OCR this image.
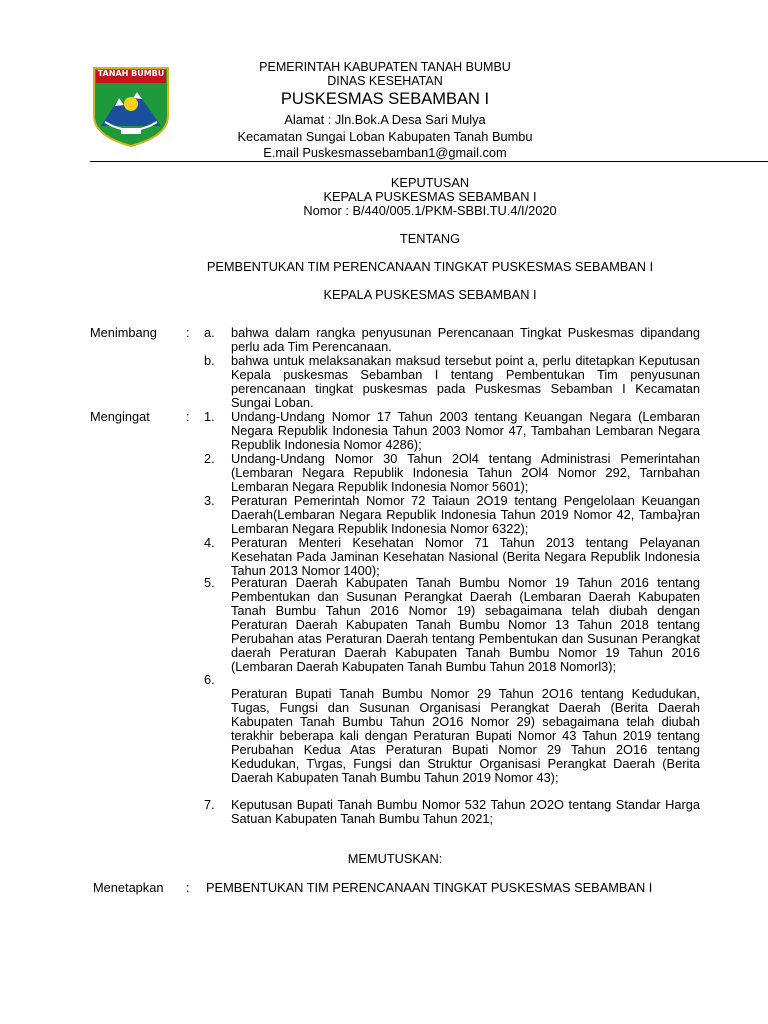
TANAH BUMBU	PEMERINTAH KABUPATEN TANAH BUMBU
DINAS KESEHATAN
PUSKESMAS SEBAMBAN I
Alamat : Jln.Bok.A Desa Sari Mulya
Kecamatan Sungai Loban Kabupaten Tanah Bumbu
E.mail Puskesmassebamban1@gmail.com
KEPUTUSAN
KEPALA PUSKESMAS SEBAMBAN I
Nomor : B/440/005.1/PKM-SBBI.TU.4/I/2020
TENTANG
PEMBENTUKAN TIM PERENCANAAN TINGKAT PUSKESMAS SEBAMBAN I
KEPALA PUSKESMAS SEBAMBAN I
Menimbang : a. bahwa dalam rangka penyusunan Perencanaan Tingkat Puskesmas dipandang perlu ada Tim Perencanaan.
b. bahwa untuk melaksanakan maksud tersebut point a, perlu ditetapkan Keputusan Kepala puskesmas Sebamban I tentang Pembentukan Tim penyusunan perencanaan tingkat puskesmas pada Puskesmas Sebamban I Kecamatan Sungai Loban.
Mengingat	: 1. Undang-Undang Nomor 17 Tahun 2003 tentang Keuangan Negara (Lembaran Negara Republik Indonesia Tahun 2003 Nomor 47, Tambahan Lembaran Negara Republik Indonesia Nomor 4286);
2. Undang-Undang Nomor 30 Tahun 2Ol4 tentang Administrasi Pemerintahan (Lembaran Negara Republik Indonesia Tahun 2Ol4 Nomor 292, Tarnbahan Lembaran Negara Republik Indonesia Nomor 5601);
3. Peraturan Pemerintah Nomor 72 Taiaun 2O19 tentang Pengelolaan Keuangan Daerah(Lembaran Negara Republik Indonesia Tahun 2019 Nomor 42, Tamba}ran Lembaran Negara Republik Indonesia Nomor 6322);
4. Peraturan Menteri Kesehatan Nomor 71 Tahun 2013 tentang Pelayanan Kesehatan Pada Jaminan Kesehatan Nasional (Berita Negara Republik Indonesia Tahun 2013 Nomor 1400);
5. Peraturan Daerah Kabupaten Tanah Bumbu Nomor 19 Tahun 2016 tentang Pembentukan dan Susunan Perangkat Daerah (Lembaran Daerah Kabupaten Tanah Bumbu Tahun 2016 Nomor 19) sebagaimana telah diubah dengan Peraturan Daerah Kabupaten Tanah Bumbu Nomor 13 Tahun 2018 tentang Perubahan atas Peraturan Daerah tentang Pembentukan dan Susunan Perangkat daerah Peraturan Daerah Kabupaten Tanah Bumbu Nomor 19 Tahun 2016 (Lembaran Daerah Kabupaten Tanah Bumbu Tahun 2018 Nomorl3);
6.
Peraturan Bupati Tanah Bumbu Nomor 29 Tahun 2O16 tentang Kedudukan, Tugas, Fungsi dan Susunan Organisasi Perangkat Daerah (Berita Daerah Kabupaten Tanah Bumbu Tahun 2O16 Nomor 29) sebagaimana telah diubah terakhir beberapa kali dengan Peraturan Bupati Nomor 43 Tahun 2019 tentang Perubahan Kedua Atas Peraturan Bupati Nomor 29 Tahun 2O16 tentang Kedudukan, T\rgas, Fungsi dan Struktur Organisasi Perangkat Daerah (Berita Daerah Kabupaten Tanah Bumbu Tahun 2019 Nomor 43);
7. Keputusan Bupati Tanah Bumbu Nomor 532 Tahun 2O2O tentang Standar Harga Satuan Kabupaten Tanah Bumbu Tahun 2021;
MEMUTUSKAN:
Menetapkan : PEMBENTUKAN TIM PERENCANAAN TINGKAT PUSKESMAS SEBAMBAN I
